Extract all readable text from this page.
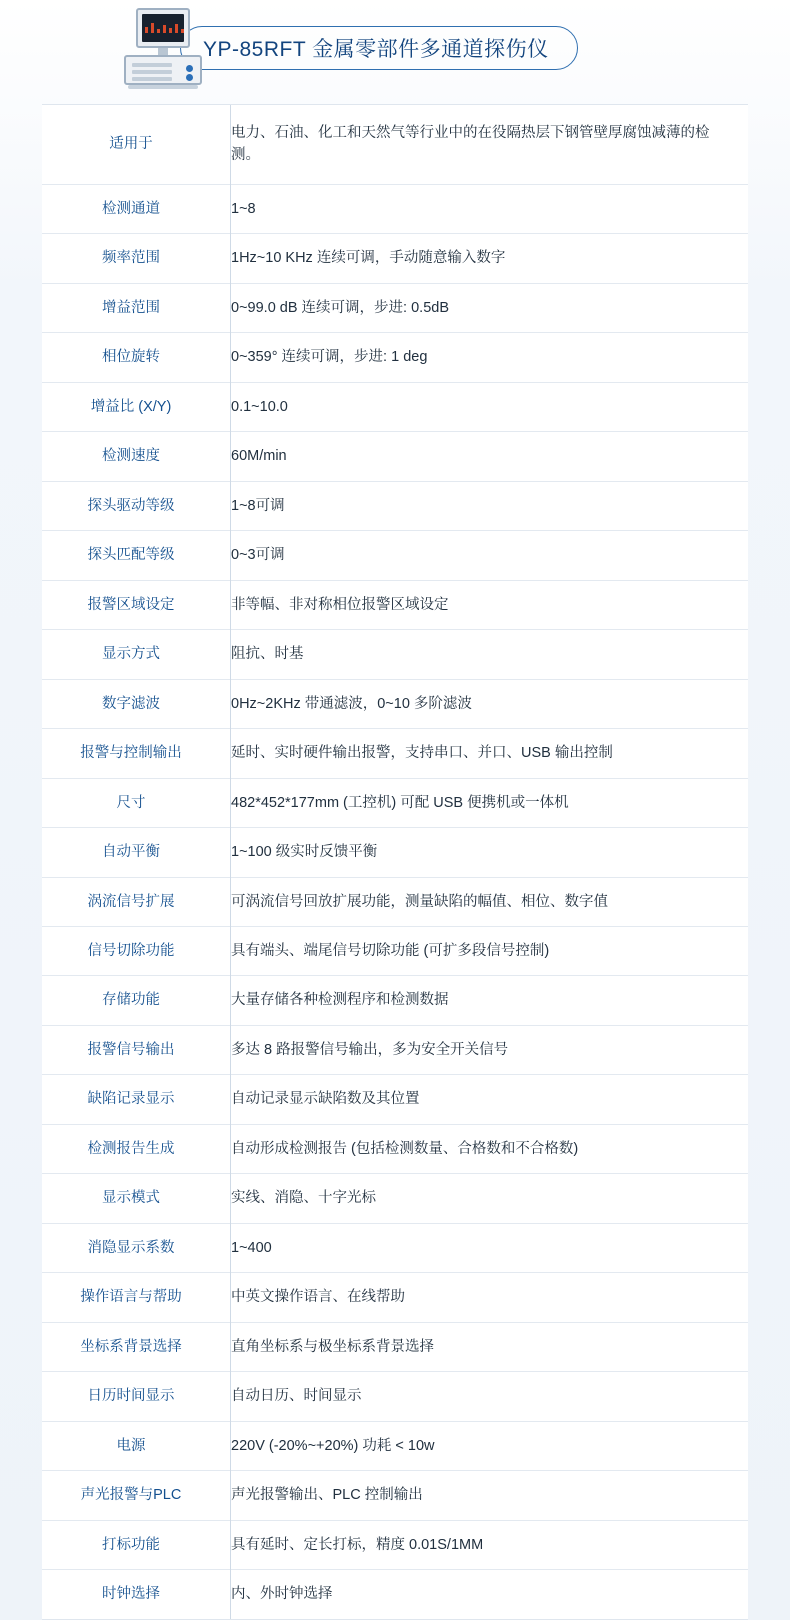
YP-85RFT 金属零部件多通道探伤仪
适用于	电力、石油、化工和天然气等行业中的在役隔热层下钢管壁厚腐蚀减薄的检测。
检测通道	1~8
频率范围	1Hz~10 KHz 连续可调，手动随意输入数字
增益范围	0~99.0 dB 连续可调，步进: 0.5dB
相位旋转	0~359° 连续可调，步进: 1 deg
增益比 (X/Y)	0.1~10.0
检测速度	60M/min
探头驱动等级	1~8可调
探头匹配等级	0~3可调
报警区域设定	非等幅、非对称相位报警区域设定
显示方式	阻抗、时基
数字滤波	0Hz~2KHz 带通滤波，0~10 多阶滤波
报警与控制输出	延时、实时硬件输出报警，支持串口、并口、USB 输出控制
尺寸	482*452*177mm (工控机) 可配 USB 便携机或一体机
自动平衡	1~100 级实时反馈平衡
涡流信号扩展	可涡流信号回放扩展功能，测量缺陷的幅值、相位、数字值
信号切除功能	具有端头、端尾信号切除功能 (可扩多段信号控制)
存储功能	大量存储各种检测程序和检测数据
报警信号输出	多达 8 路报警信号输出，多为安全开关信号
缺陷记录显示	自动记录显示缺陷数及其位置
检测报告生成	自动形成检测报告 (包括检测数量、合格数和不合格数)
显示模式	实线、消隐、十字光标
消隐显示系数	1~400
操作语言与帮助	中英文操作语言、在线帮助
坐标系背景选择	直角坐标系与极坐标系背景选择
日历时间显示	自动日历、时间显示
电源	220V (-20%~+20%) 功耗 < 10w
声光报警与PLC	声光报警输出、PLC 控制输出
打标功能	具有延时、定长打标，精度 0.01S/1MM
时钟选择	内、外时钟选择
